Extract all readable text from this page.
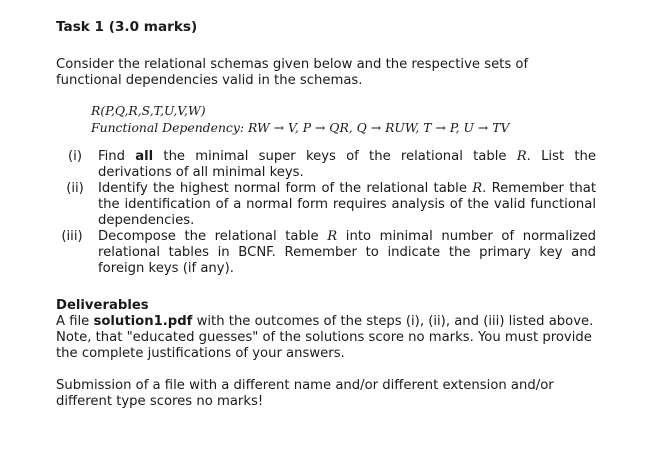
Task 1 (3.0 marks)
Consider the relational schemas given below and the respective sets of functional dependencies valid in the schemas.
R(P,Q,R,S,T,U,V,W)
Functional Dependency: RW → V, P → QR, Q → RUW, T → P, U → TV
(i)	Find all the minimal super keys of the relational table R. List the derivations of all minimal keys.
(ii)	Identify the highest normal form of the relational table R. Remember that the identification of a normal form requires analysis of the valid functional dependencies.
(iii)	Decompose the relational table R into minimal number of normalized relational tables in BCNF. Remember to indicate the primary key and foreign keys (if any).
Deliverables

A file solution1.pdf with the outcomes of the steps (i), (ii), and (iii) listed above. Note, that "educated guesses" of the solutions score no marks. You must provide the complete justifications of your answers.

Submission of a file with a different name and/or different extension and/or different type scores no marks!
